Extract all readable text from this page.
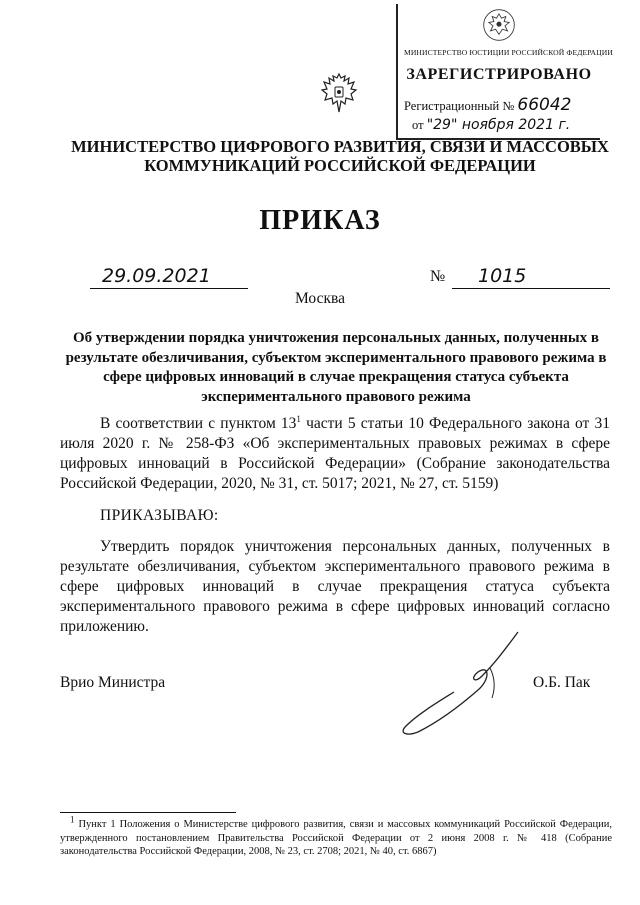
МИНИСТЕРСТВО ЮСТИЦИИ РОССИЙСКОЙ ФЕДЕРАЦИИ
ЗАРЕГИСТРИРОВАНО
Регистрационный № 66042
от "29" ноября 2021 г.
МИНИСТЕРСТВО ЦИФРОВОГО РАЗВИТИЯ, СВЯЗИ И МАССОВЫХ
КОММУНИКАЦИЙ РОССИЙСКОЙ ФЕДЕРАЦИИ
ПРИКАЗ
29.09.2021	№ 1015
Москва
Об утверждении порядка уничтожения персональных данных, полученных в результате обезличивания, субъектом экспериментального правового режима в сфере цифровых инноваций в случае прекращения статуса субъекта экспериментального правового режима
В соответствии с пунктом $13^1$ части 5 статьи 10 Федерального закона от 31 июля 2020 г. № 258-ФЗ «Об экспериментальных правовых режимах в сфере цифровых инноваций в Российской Федерации» (Собрание законодательства Российской Федерации, 2020, № 31, ст. 5017; 2021, № 27, ст. 5159)
ПРИКАЗЫВАЮ:
Утвердить порядок уничтожения персональных данных, полученных в результате обезличивания, субъектом экспериментального правового режима в сфере цифровых инноваций в случае прекращения статуса субъекта экспериментального правового режима в сфере цифровых инноваций согласно приложению.
Врио Министра	О.Б. Пак
1 Пункт 1 Положения о Министерстве цифрового развития, связи и массовых коммуникаций Российской Федерации, утвержденного постановлением Правительства Российской Федерации от 2 июня 2008 г. № 418 (Собрание законодательства Российской Федерации, 2008, № 23, ст. 2708; 2021, № 40, ст. 6867)
